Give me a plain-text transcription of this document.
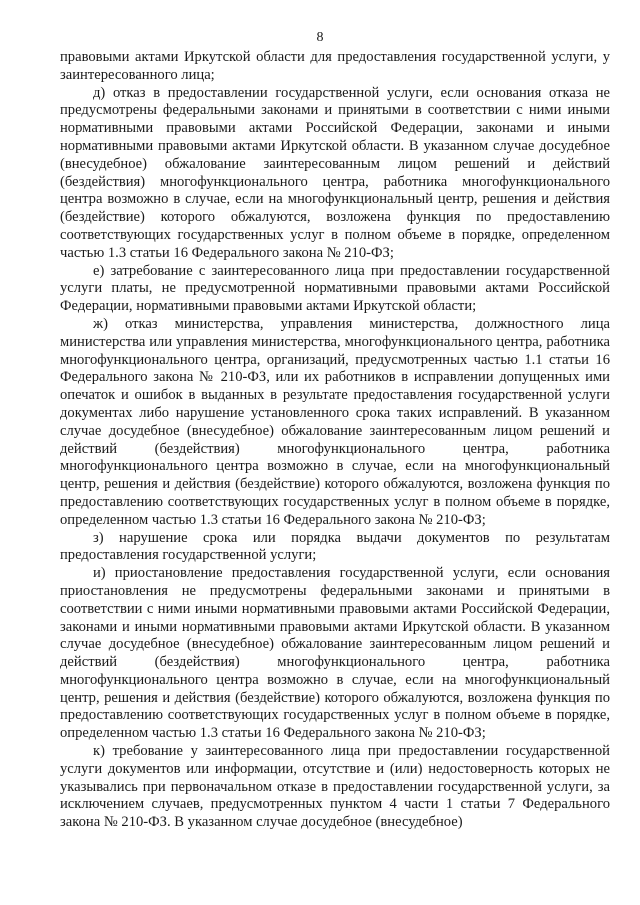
8

правовыми актами Иркутской области для предоставления государственной услуги, у заинтересованного лица;

д) отказ в предоставлении государственной услуги, если основания отказа не предусмотрены федеральными законами и принятыми в соответствии с ними иными нормативными правовыми актами Российской Федерации, законами и иными нормативными правовыми актами Иркутской области. В указанном случае досудебное (внесудебное) обжалование заинтересованным лицом решений и действий (бездействия) многофункционального центра, работника многофункционального центра возможно в случае, если на многофункциональный центр, решения и действия (бездействие) которого обжалуются, возложена функция по предоставлению соответствующих государственных услуг в полном объеме в порядке, определенном частью 1.3 статьи 16 Федерального закона № 210-ФЗ;

е) затребование с заинтересованного лица при предоставлении государственной услуги платы, не предусмотренной нормативными правовыми актами Российской Федерации, нормативными правовыми актами Иркутской области;

ж) отказ министерства, управления министерства, должностного лица министерства или управления министерства, многофункционального центра, работника многофункционального центра, организаций, предусмотренных частью 1.1 статьи 16 Федерального закона № 210-ФЗ, или их работников в исправлении допущенных ими опечаток и ошибок в выданных в результате предоставления государственной услуги документах либо нарушение установленного срока таких исправлений. В указанном случае досудебное (внесудебное) обжалование заинтересованным лицом решений и действий (бездействия) многофункционального центра, работника многофункционального центра возможно в случае, если на многофункциональный центр, решения и действия (бездействие) которого обжалуются, возложена функция по предоставлению соответствующих государственных услуг в полном объеме в порядке, определенном частью 1.3 статьи 16 Федерального закона № 210-ФЗ;

з) нарушение срока или порядка выдачи документов по результатам предоставления государственной услуги;

и) приостановление предоставления государственной услуги, если основания приостановления не предусмотрены федеральными законами и принятыми в соответствии с ними иными нормативными правовыми актами Российской Федерации, законами и иными нормативными правовыми актами Иркутской области. В указанном случае досудебное (внесудебное) обжалование заинтересованным лицом решений и действий (бездействия) многофункционального центра, работника многофункционального центра возможно в случае, если на многофункциональный центр, решения и действия (бездействие) которого обжалуются, возложена функция по предоставлению соответствующих государственных услуг в полном объеме в порядке, определенном частью 1.3 статьи 16 Федерального закона № 210-ФЗ;

к) требование у заинтересованного лица при предоставлении государственной услуги документов или информации, отсутствие и (или) недостоверность которых не указывались при первоначальном отказе в предоставлении государственной услуги, за исключением случаев, предусмотренных пунктом 4 части 1 статьи 7 Федерального закона № 210-ФЗ. В указанном случае досудебное (внесудебное)
